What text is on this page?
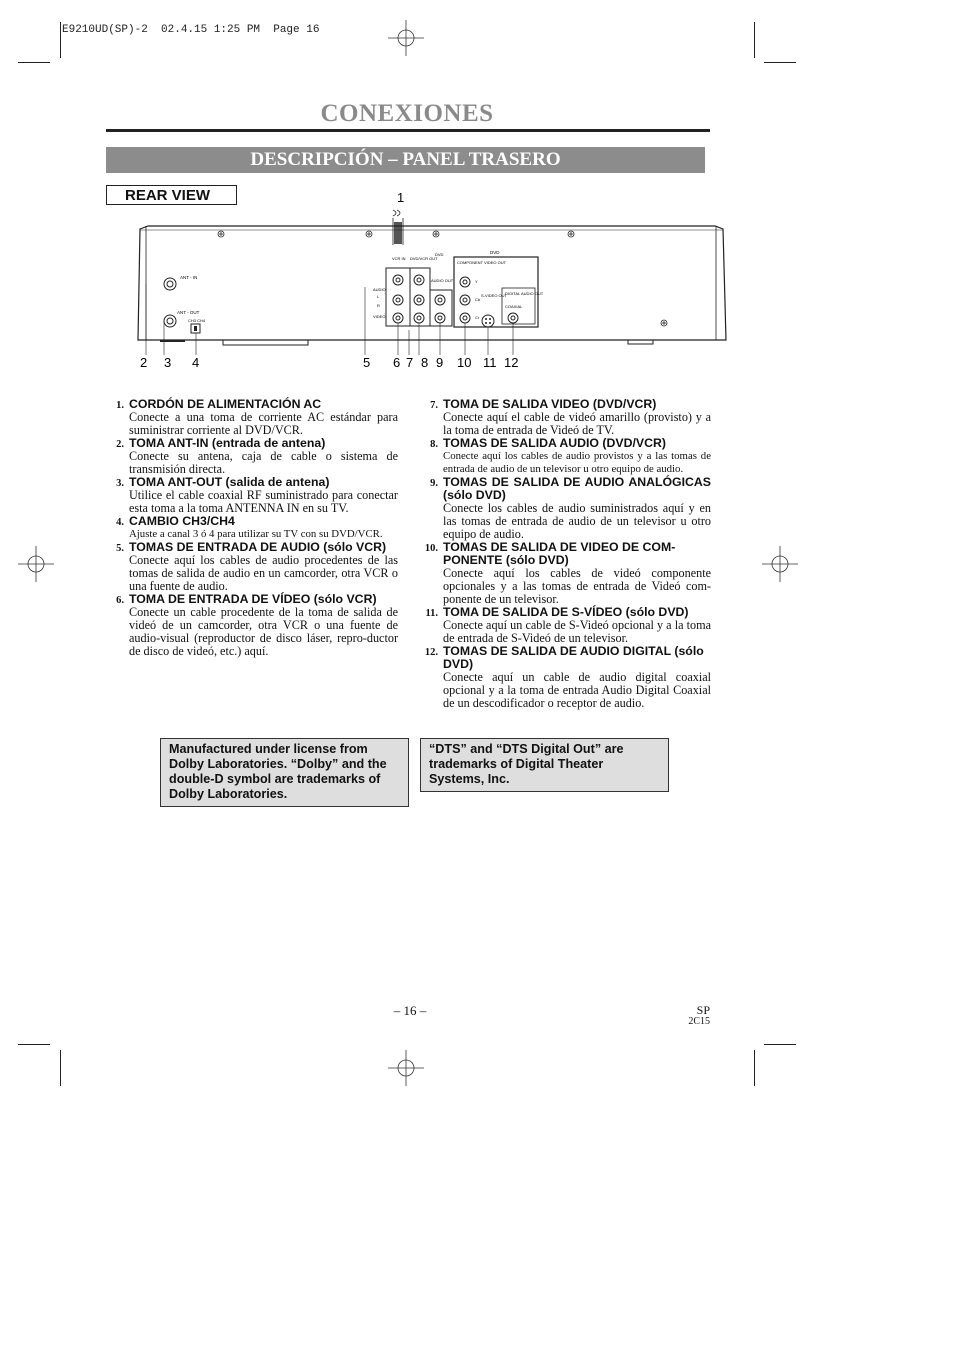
E9210UD(SP)-2  02.4.15 1:25 PM  Page 16
CONEXIONES
DESCRIPCIÓN – PANEL TRASERO
REAR VIEW	1
ANT - IN
ANT - OUT
CH3 CH4
VCR IN DVD/VCR OUT
DVD
AUDIO OUT
AUDIO
L
R
VIDEO
DVD
COMPONENT VIDEO OUT
Y
Cb
Cr
S-VIDEO OUT
DIGITAL AUDIO OUT
COAXIAL
2 3 4	5 6 7 8 9 10 11 12
1. CORDÓN DE ALIMENTACIÓN AC
Conecte a una toma de corriente AC estándar para suministrar corriente al DVD/VCR.
2. TOMA ANT-IN (entrada de antena)
Conecte su antena, caja de cable o sistema de transmisión directa.
3. TOMA ANT-OUT (salida de antena)
Utilice el cable coaxial RF suministrado para conectar esta toma a la toma ANTENNA IN en su TV.
4. CAMBIO CH3/CH4
Ajuste a canal 3 ó 4 para utilizar su TV con su DVD/VCR.
5. TOMAS DE ENTRADA DE AUDIO (sólo VCR)
Conecte aquí los cables de audio procedentes de las tomas de salida de audio en un camcorder, otra VCR o una fuente de audio.
6. TOMA DE ENTRADA DE VÍDEO (sólo VCR)
Conecte un cable procedente de la toma de salida de videó de un camcorder, otra VCR o una fuente de audio-visual (reproductor de disco láser, repro-ductor de disco de videó, etc.) aquí.
7. TOMA DE SALIDA VIDEO (DVD/VCR)
Conecte aquí el cable de videó amarillo (provisto) y a la toma de entrada de Videó de TV.
8. TOMAS DE SALIDA AUDIO (DVD/VCR)
Conecte aquí los cables de audio provistos y a las tomas de entrada de audio de un televisor u otro equipo de audio.
9. TOMAS DE SALIDA DE AUDIO ANALÓGICAS (sólo DVD)
Conecte los cables de audio suministrados aquí y en las tomas de entrada de audio de un televisor u otro equipo de audio.
10. TOMAS DE SALIDA DE VIDEO DE COM-PONENTE (sólo DVD)
Conecte aquí los cables de videó componente opcionales y a las tomas de entrada de Videó com-ponente de un televisor.
11. TOMA DE SALIDA DE S-VÍDEO (sólo DVD)
Conecte aquí un cable de S-Videó opcional y a la toma de entrada de S-Videó de un televisor.
12. TOMAS DE SALIDA DE AUDIO DIGITAL (sólo DVD)
Conecte aquí un cable de audio digital coaxial opcional y a la toma de entrada Audio Digital Coaxial de un descodificador o receptor de audio.
Manufactured under license from Dolby Laboratories. “Dolby” and the double-D symbol are trademarks of Dolby Laboratories.
“DTS” and “DTS Digital Out” are trademarks of Digital Theater Systems, Inc.
– 16 –	SP
2C15
